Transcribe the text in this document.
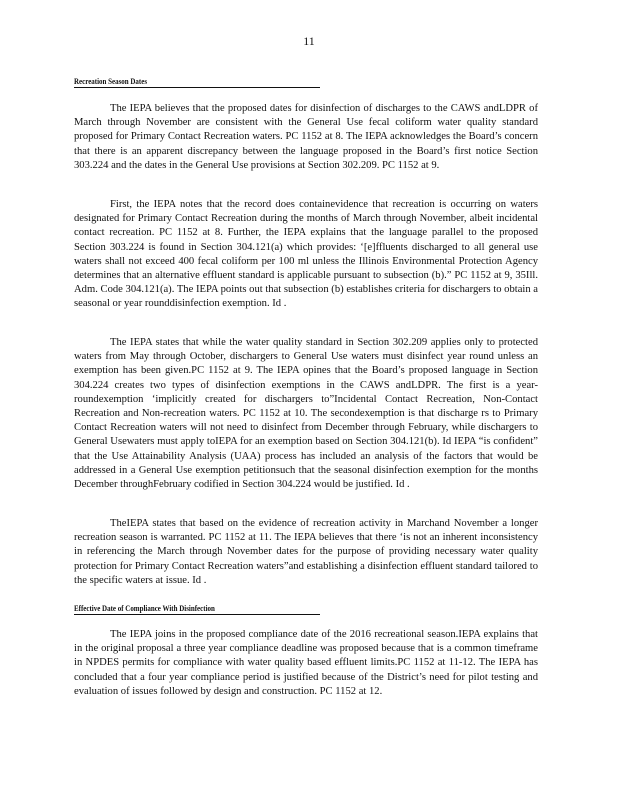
11
Recreation Season Dates

The IEPA believes that the proposed dates for disinfection of discharges to the CAWS andLDPR of March through November are consistent with the General Use fecal coliform water quality standard proposed for Primary Contact Recreation waters. PC 1152 at 8. The IEPA acknowledges the Board’s concern that there is an apparent discrepancy between the language proposed in the Board’s first notice Section 303.224 and the dates in the General Use provisions at Section 302.209. PC 1152 at 9.

First, the IEPA notes that the record does containevidence that recreation is occurring on waters designated for Primary Contact Recreation during the months of March through November, albeit incidental contact recreation. PC 1152 at 8. Further, the IEPA explains that the language parallel to the proposed Section 303.224 is found in Section 304.121(a) which provides: ‘[e]ffluents discharged to all general use waters shall not exceed 400 fecal coliform per 100 ml unless the Illinois Environmental Protection Agency determines that an alternative effluent standard is applicable pursuant to subsection (b).” PC 1152 at 9, 35Ill. Adm. Code 304.121(a). The IEPA points out that subsection (b) establishes criteria for dischargers to obtain a seasonal or year rounddisinfection exemption. Id .

The IEPA states that while the water quality standard in Section 302.209 applies only to protected waters from May through October, dischargers to General Use waters must disinfect year round unless an exemption has been given.PC 1152 at 9. The IEPA opines that the Board’s proposed language in Section 304.224 creates two types of disinfection exemptions in the CAWS andLDPR. The first is a year-roundexemption ‘implicitly created for dischargers to”Incidental Contact Recreation, Non-Contact Recreation and Non-recreation waters. PC 1152 at 10. The secondexemption is that discharge rs to Primary Contact Recreation waters will not need to disinfect from December through February, while dischargers to General Usewaters must apply toIEPA for an exemption based on Section 304.121(b). Id IEPA “is confident” that the Use Attainability Analysis (UAA) process has included an analysis of the factors that would be addressed in a General Use exemption petitionsuch that the seasonal disinfection exemption for the months December throughFebruary codified in Section 304.224 would be justified. Id .

TheIEPA states that based on the evidence of recreation activity in Marchand November a longer recreation season is warranted. PC 1152 at 11. The IEPA believes that there ‘is not an inherent inconsistency in referencing the March through November dates for the purpose of providing necessary water quality protection for Primary Contact Recreation waters”and establishing a disinfection effluent standard tailored to the specific waters at issue. Id .

Effective Date of Compliance With Disinfection

The IEPA joins in the proposed compliance date of the 2016 recreational season.IEPA explains that in the original proposal a three year compliance deadline was proposed because that is a common timeframe in NPDES permits for compliance with water quality based effluent limits.PC 1152 at 11-12. The IEPA has concluded that a four year compliance period is justified because of the District’s need for pilot testing and evaluation of issues followed by design and construction. PC 1152 at 12.
